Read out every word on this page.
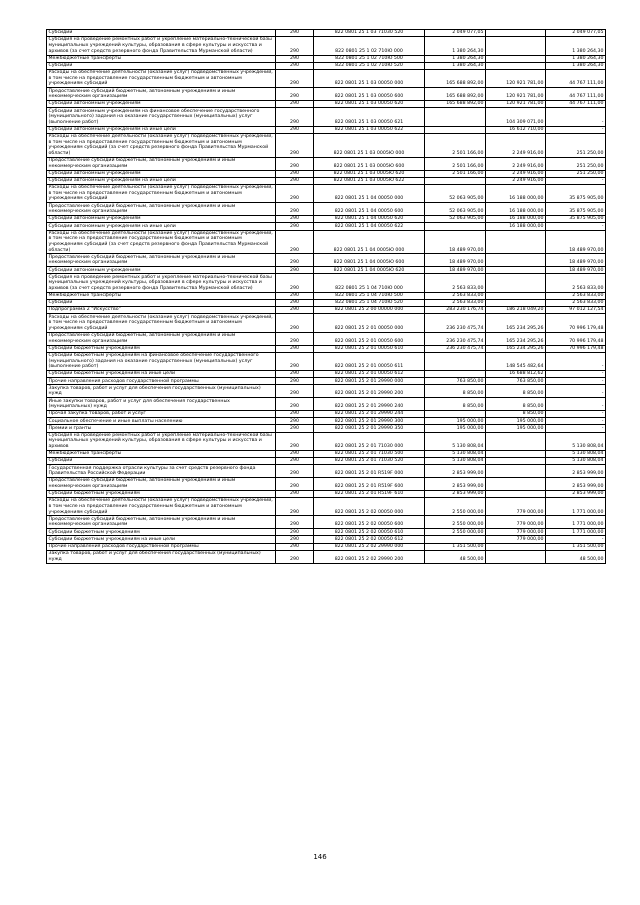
Субсидии	290	822 0801 25 1 03 71030 520	2 049 077,05		2 049 077,05
Субсидия на проведение ремонтных работ и укрепление материально-технической базы муниципальных учреждений культуры, образования в сфере культуры и искусства и архивов (за счет средств резервного фонда Правительства Мурманской области)	290	822 0801 25 1 02 710Ю 000	1 380 264,30		1 380 264,30
Межбюджетные трансферты	290	822 0801 25 1 02 710Ю 500	1 380 264,30		1 380 264,30
Субсидии	290	822 0801 25 1 02 710Ю 520	1 380 264,30		1 380 264,30
Расходы на обеспечение деятельности (оказание услуг) подведомственных учреждений, в том числе на предоставление государственным бюджетным и автономным учреждениям субсидий	290	822 0801 25 1 03 00050 000	165 688 892,00	120 921 781,00	44 767 111,00
Предоставление субсидий бюджетным, автономным учреждениям и иным некоммерческим организациям	290	822 0801 25 1 03 00050 600	165 688 892,00	120 921 781,00	44 767 111,00
Субсидии автономным учреждениям	290	822 0801 25 1 03 00050 620	165 688 892,00	120 921 781,00	44 767 111,00
Субсидии автономным учреждениям на финансовое обеспечение государственного (муниципального) задания на оказание государственных (муниципальных) услуг (выполнение работ)	290	822 0801 25 1 03 00050 621		104 309 071,00	-
Субсидии автономным учреждениям на иные цели	290	822 0801 25 1 03 00050 622		16 612 710,00	-
Расходы на обеспечение деятельности (оказание услуг) подведомственных учреждений, в том числе на предоставление государственным бюджетным и автономным учреждениям субсидий (за счет средств резервного фонда Правительства Мурманской области)	290	822 0801 25 1 03 0005Ю 000	2 501 166,00	2 249 916,00	251 250,00
Предоставление субсидий бюджетным, автономным учреждениям и иным некоммерческим организациям	290	822 0801 25 1 03 0005Ю 600	2 501 166,00	2 249 916,00	251 250,00
Субсидии автономным учреждениям	290	822 0801 25 1 03 0005Ю 620	2 501 166,00	2 249 916,00	251 250,00
Субсидии автономным учреждениям на иные цели	290	822 0801 25 1 03 0005Ю 622		2 249 916,00	-
Расходы на обеспечение деятельности (оказание услуг) подведомственных учреждений, в том числе на предоставление государственным бюджетным и автономным учреждениям субсидий	290	822 0801 25 1 04 00050 000	52 063 905,00	16 188 000,00	35 875 905,00
Предоставление субсидий бюджетным, автономным учреждениям и иным некоммерческим организациям	290	822 0801 25 1 04 00050 600	52 063 905,00	16 188 000,00	35 875 905,00
Субсидии автономным учреждениям	290	822 0801 25 1 04 00050 620	52 063 905,00	16 188 000,00	35 875 905,00
Субсидии автономным учреждениям на иные цели	290	822 0801 25 1 04 00050 622		16 188 000,00	-
Расходы на обеспечение деятельности (оказание услуг) подведомственных учреждений, в том числе на предоставление государственным бюджетным и автономным учреждениям субсидий (за счет средств резервного фонда Правительства Мурманской области)	290	822 0801 25 1 04 0005Ю 000	18 489 970,00		18 489 970,00
Предоставление субсидий бюджетным, автономным учреждениям и иным некоммерческим организациям	290	822 0801 25 1 04 0005Ю 600	18 489 970,00		18 489 970,00
Субсидии автономным учреждениям	290	822 0801 25 1 04 0005Ю 620	18 489 970,00		18 489 970,00
Субсидия на проведение ремонтных работ и укрепление материально-технической базы муниципальных учреждений культуры, образования в сфере культуры и искусства и архивов (за счет средств резервного фонда Правительства Мурманской области)	290	822 0801 25 1 04 710Ю 000	2 563 833,00		2 563 833,00
Межбюджетные трансферты	290	822 0801 25 1 04 710Ю 500	2 563 833,00		2 563 833,00
Субсидии	290	822 0801 25 1 04 710Ю 520	2 563 833,00		2 563 833,00
Подпрограмма 2 "Искусство"	290	822 0801 25 2 00 00000 000	283 230 176,74	186 218 049,20	97 012 127,54
Расходы на обеспечение деятельности (оказание услуг) подведомственных учреждений, в том числе на предоставление государственным бюджетным и автономным учреждениям субсидий	290	822 0801 25 2 01 00050 000	236 230 475,74	165 234 295,26	70 996 179,48
Предоставление субсидий бюджетным, автономным учреждениям и иным некоммерческим организациям	290	822 0801 25 2 01 00050 600	236 230 475,74	165 234 295,26	70 996 179,48
Субсидии бюджетным учреждениям	290	822 0801 25 2 01 00050 610	236 230 475,74	165 234 295,26	70 996 179,48
Субсидии бюджетным учреждениям на финансовое обеспечение государственного (муниципального) задания на оказание государственных (муниципальных) услуг (выполнение работ)	290	822 0801 25 2 01 00050 611		148 545 482,64	-
Субсидии бюджетным учреждениям на иные цели	290	822 0801 25 2 01 00050 612		16 688 812,62	-
Прочие направления расходов государственной программы	290	822 0801 25 2 01 29990 000	763 850,00	763 850,00	-
Закупка товаров, работ и услуг для обеспечения государственных (муниципальных) нужд	290	822 0801 25 2 01 29990 200	8 850,00	8 850,00	-
Иные закупки товаров, работ и услуг для обеспечения государственных (муниципальных) нужд	290	822 0801 25 2 01 29990 240	8 850,00	8 850,00	-
Прочая закупка товаров, работ и услуг	290	822 0801 25 2 01 29990 244		8 850,00	-
Социальное обеспечение и иные выплаты населению	290	822 0801 25 2 01 29990 300	195 000,00	195 000,00	-
Премии и гранты	290	822 0801 25 2 01 29990 350	195 000,00	195 000,00	-
Субсидия на проведение ремонтных работ и укрепление материально-технической базы муниципальных учреждений культуры, образования в сфере культуры и искусства и архивов	290	822 0801 25 2 01 71030 000	5 130 808,04		5 130 808,04
Межбюджетные трансферты	290	822 0801 25 2 01 71030 500	5 130 808,04		5 130 808,04
Субсидии	290	822 0801 25 2 01 71030 520	5 130 808,04		5 130 808,04
Государственная поддержка отрасли культуры за счет средств резервного фонда Правительства Российской Федерации	290	822 0801 25 2 01 R519F 000	2 853 999,00		2 853 999,00
Предоставление субсидий бюджетным, автономным учреждениям и иным некоммерческим организациям	290	822 0801 25 2 01 R519F 600	2 853 999,00		2 853 999,00
Субсидии бюджетным учреждениям	290	822 0801 25 2 01 R519F 610	2 853 999,00		2 853 999,00
Расходы на обеспечение деятельности (оказание услуг) подведомственных учреждений, в том числе на предоставление государственным бюджетным и автономным учреждениям субсидий	290	822 0801 25 2 02 00050 000	2 550 000,00	779 000,00	1 771 000,00
Предоставление субсидий бюджетным, автономным учреждениям и иным некоммерческим организациям	290	822 0801 25 2 02 00050 600	2 550 000,00	779 000,00	1 771 000,00
Субсидии бюджетным учреждениям	290	822 0801 25 2 02 00050 610	2 550 000,00	779 000,00	1 771 000,00
Субсидии бюджетным учреждениям на иные цели	290	822 0801 25 2 02 00050 612		779 000,00	-
Прочие направления расходов государственной программы	290	822 0801 25 2 02 29990 000	1 351 500,00		1 351 500,00
Закупка товаров, работ и услуг для обеспечения государственных (муниципальных) нужд	290	822 0801 25 2 02 29990 200	48 500,00		48 500,00
146
